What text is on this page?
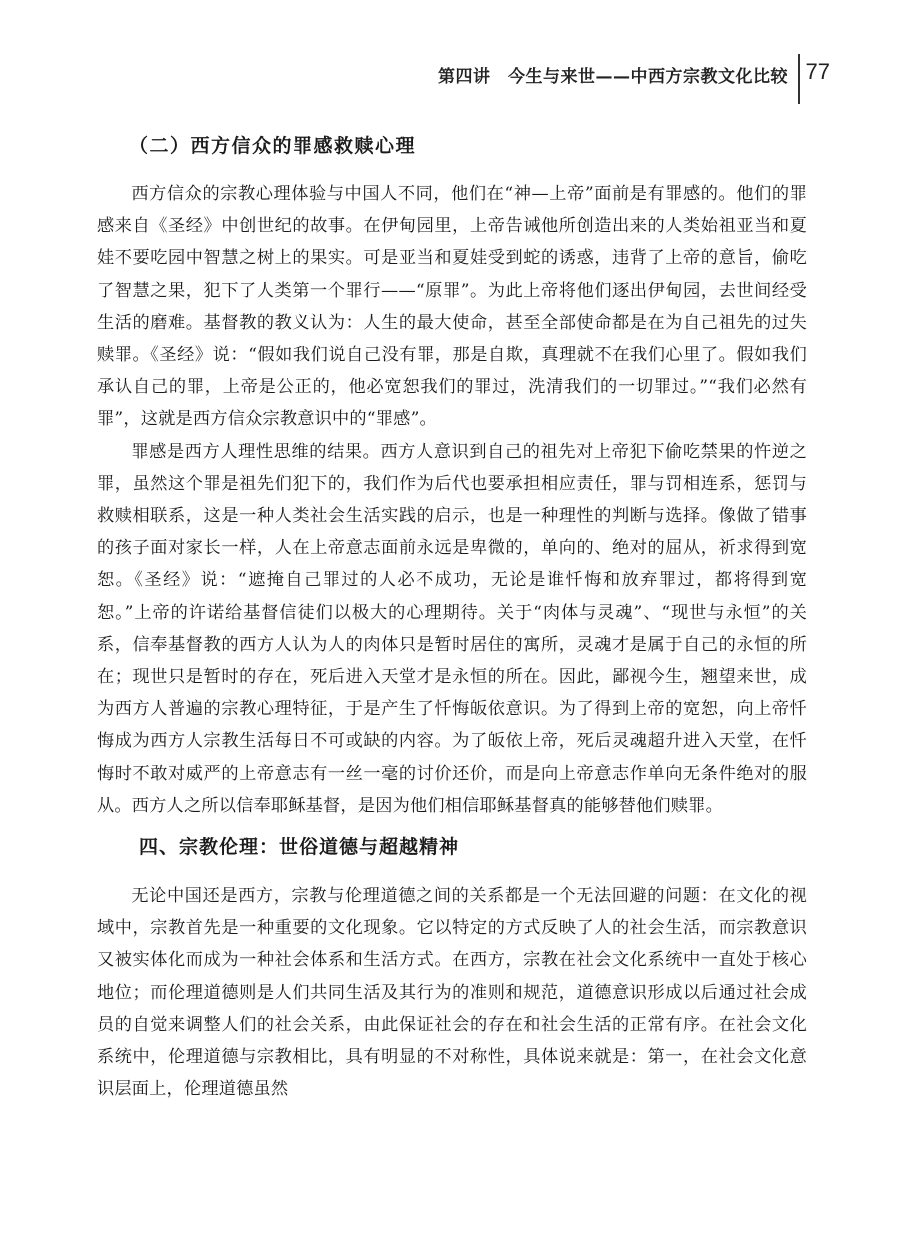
第四讲　今生与来世——中西方宗教文化比较 77
（二）西方信众的罪感救赎心理

西方信众的宗教心理体验与中国人不同，他们在“神—上帝”面前是有罪感的。他们的罪感来自《圣经》中创世纪的故事。在伊甸园里，上帝告诫他所创造出来的人类始祖亚当和夏娃不要吃园中智慧之树上的果实。可是亚当和夏娃受到蛇的诱惑，违背了上帝的意旨，偷吃了智慧之果，犯下了人类第一个罪行——“原罪”。为此上帝将他们逐出伊甸园，去世间经受生活的磨难。基督教的教义认为：人生的最大使命，甚至全部使命都是在为自己祖先的过失赎罪。《圣经》说：“假如我们说自己没有罪，那是自欺，真理就不在我们心里了。假如我们承认自己的罪，上帝是公正的，他必宽恕我们的罪过，洗清我们的一切罪过。”“我们必然有罪”，这就是西方信众宗教意识中的“罪感”。

罪感是西方人理性思维的结果。西方人意识到自己的祖先对上帝犯下偷吃禁果的忤逆之罪，虽然这个罪是祖先们犯下的，我们作为后代也要承担相应责任，罪与罚相连系，惩罚与救赎相联系，这是一种人类社会生活实践的启示，也是一种理性的判断与选择。像做了错事的孩子面对家长一样，人在上帝意志面前永远是卑微的，单向的、绝对的屈从，祈求得到宽恕。《圣经》说：“遮掩自己罪过的人必不成功，无论是谁忏悔和放弃罪过，都将得到宽恕。”上帝的许诺给基督信徒们以极大的心理期待。关于“肉体与灵魂”、“现世与永恒”的关系，信奉基督教的西方人认为人的肉体只是暂时居住的寓所，灵魂才是属于自己的永恒的所在；现世只是暂时的存在，死后进入天堂才是永恒的所在。因此，鄙视今生，翘望来世，成为西方人普遍的宗教心理特征，于是产生了忏悔皈依意识。为了得到上帝的宽恕，向上帝忏悔成为西方人宗教生活每日不可或缺的内容。为了皈依上帝，死后灵魂超升进入天堂，在忏悔时不敢对威严的上帝意志有一丝一毫的讨价还价，而是向上帝意志作单向无条件绝对的服从。西方人之所以信奉耶稣基督，是因为他们相信耶稣基督真的能够替他们赎罪。

四、宗教伦理：世俗道德与超越精神

无论中国还是西方，宗教与伦理道德之间的关系都是一个无法回避的问题：在文化的视域中，宗教首先是一种重要的文化现象。它以特定的方式反映了人的社会生活，而宗教意识又被实体化而成为一种社会体系和生活方式。在西方，宗教在社会文化系统中一直处于核心地位；而伦理道德则是人们共同生活及其行为的准则和规范，道德意识形成以后通过社会成员的自觉来调整人们的社会关系，由此保证社会的存在和社会生活的正常有序。在社会文化系统中，伦理道德与宗教相比，具有明显的不对称性，具体说来就是：第一，在社会文化意识层面上，伦理道德虽然
